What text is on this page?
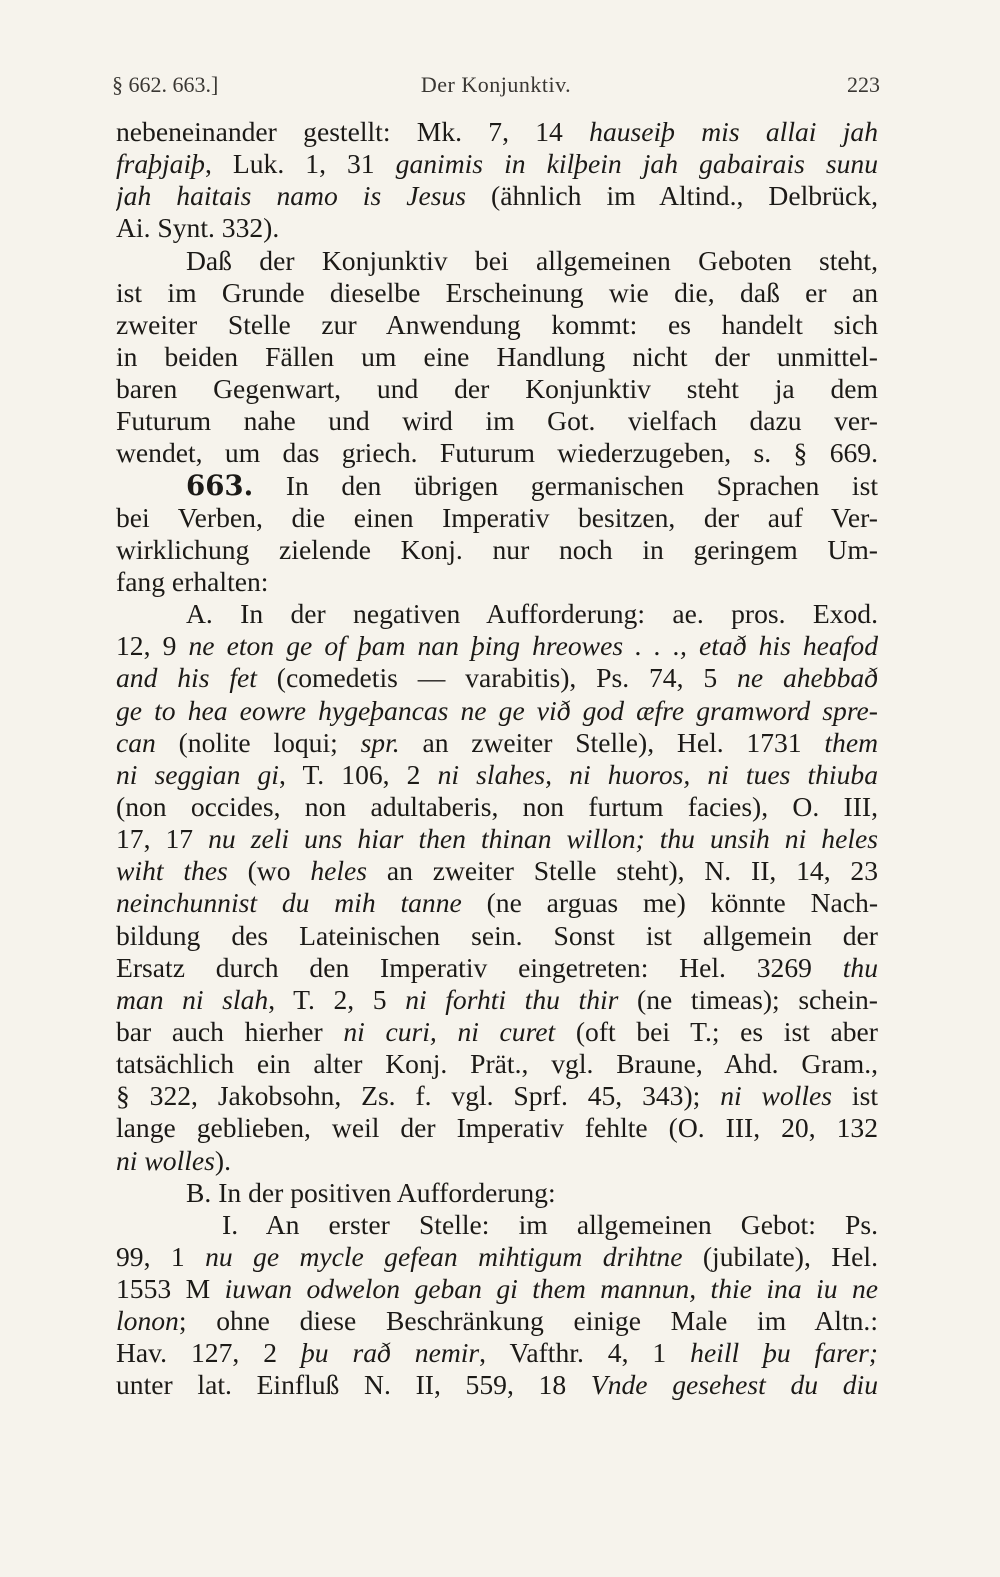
§ 662. 663.]	Der Konjunktiv.	223
nebeneinander gestellt: Mk. 7, 14 hauseiþ mis allai jah
fraþjaiþ, Luk. 1, 31 ganimis in kilþein jah gabairais sunu
jah haitais namo is Jesus (ähnlich im Altind., Delbrück,
Ai. Synt. 332).
Daß der Konjunktiv bei allgemeinen Geboten steht,
ist im Grunde dieselbe Erscheinung wie die, daß er an
zweiter Stelle zur Anwendung kommt: es handelt sich
in beiden Fällen um eine Handlung nicht der unmittel-
baren Gegenwart, und der Konjunktiv steht ja dem
Futurum nahe und wird im Got. vielfach dazu ver-
wendet, um das griech. Futurum wiederzugeben, s. § 669.
663. In den übrigen germanischen Sprachen ist
bei Verben, die einen Imperativ besitzen, der auf Ver-
wirklichung zielende Konj. nur noch in geringem Um-
fang erhalten:
A. In der negativen Aufforderung: ae. pros. Exod.
12, 9 ne eton ge of þam nan þing hreowes . . ., etað his heafod
and his fet (comedetis — varabitis), Ps. 74, 5 ne ahebbað
ge to hea eowre hygeþancas ne ge við god æfre gramword spre-
can (nolite loqui; spr. an zweiter Stelle), Hel. 1731 them
ni seggian gi, T. 106, 2 ni slahes, ni huoros, ni tues thiuba
(non occides, non adultaberis, non furtum facies), O. III,
17, 17 nu zeli uns hiar then thinan willon; thu unsih ni heles
wiht thes (wo heles an zweiter Stelle steht), N. II, 14, 23
neinchunnist du mih tanne (ne arguas me) könnte Nach-
bildung des Lateinischen sein. Sonst ist allgemein der
Ersatz durch den Imperativ eingetreten: Hel. 3269 thu
man ni slah, T. 2, 5 ni forhti thu thir (ne timeas); schein-
bar auch hierher ni curi, ni curet (oft bei T.; es ist aber
tatsächlich ein alter Konj. Prät., vgl. Braune, Ahd. Gram.,
§ 322, Jakobsohn, Zs. f. vgl. Sprf. 45, 343); ni wolles ist
lange geblieben, weil der Imperativ fehlte (O. III, 20, 132
ni wolles).
B. In der positiven Aufforderung:
I. An erster Stelle: im allgemeinen Gebot: Ps.
99, 1 nu ge mycle gefean mihtigum drihtne (jubilate), Hel.
1553 M iuwan odwelon geban gi them mannun, thie ina iu ne
lonon; ohne diese Beschränkung einige Male im Altn.:
Hav. 127, 2 þu rað nemir, Vafthr. 4, 1 heill þu farer;
unter lat. Einfluß N. II, 559, 18 Vnde gesehest du diu
